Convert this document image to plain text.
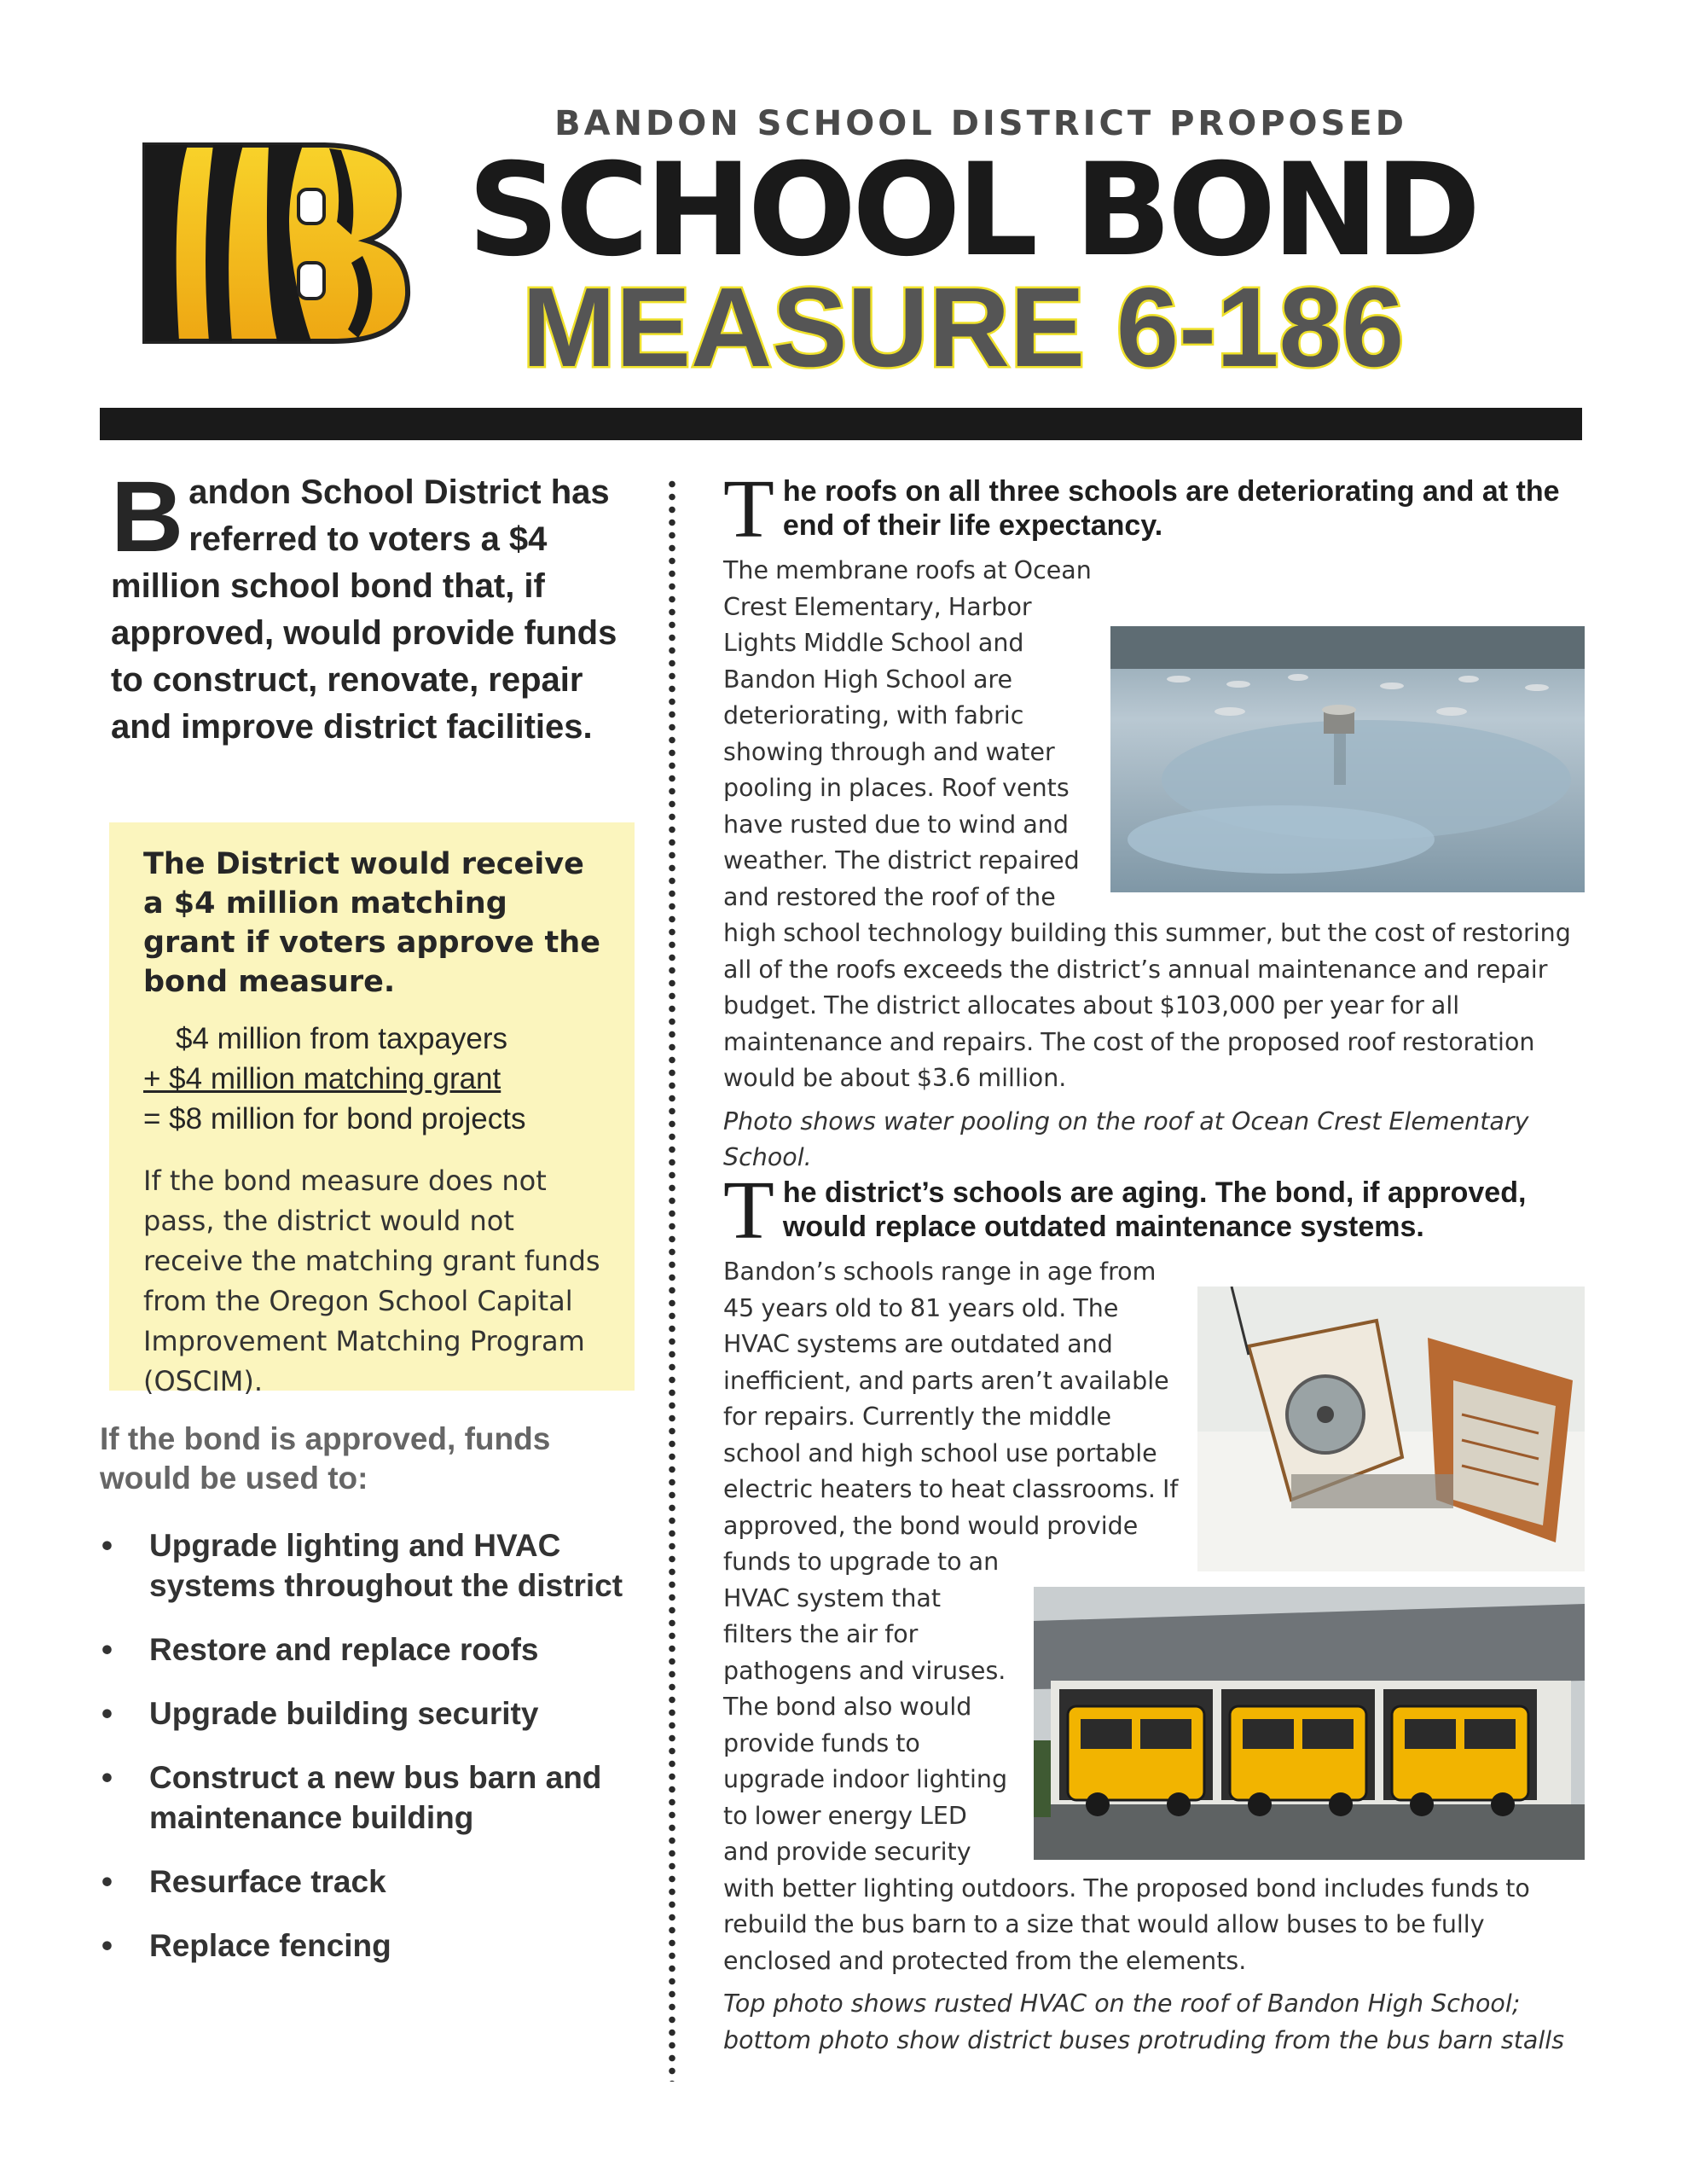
BANDON SCHOOL DISTRICT PROPOSED
SCHOOL BOND
MEASURE 6-186

Bandon School District has referred to voters a $4 million school bond that, if approved, would provide funds to construct, renovate, repair and improve district facilities.

The District would receive a $4 million matching grant if voters approve the bond measure.

$4 million from taxpayers
+ $4 million matching grant
= $8 million for bond projects

If the bond measure does not pass, the district would not receive the matching grant funds from the Oregon School Capital Improvement Matching Program (OSCIM).

If the bond is approved, funds would be used to:

• Upgrade lighting and HVAC systems throughout the district
• Restore and replace roofs
• Upgrade building security
• Construct a new bus barn and maintenance building
• Resurface track
• Replace fencing

The roofs on all three schools are deteriorating and at the end of their life expectancy.

The membrane roofs at Ocean Crest Elementary, Harbor Lights Middle School and Bandon High School are deteriorating, with fabric showing through and water pooling in places. Roof vents have rusted due to wind and weather. The district repaired and restored the roof of the high school technology building this summer, but the cost of restoring all of the roofs exceeds the district’s annual maintenance and repair budget. The district allocates about $103,000 per year for all maintenance and repairs. The cost of the proposed roof restoration would be about $3.6 million.

Photo shows water pooling on the roof at Ocean Crest Elementary School.

The district’s schools are aging. The bond, if approved, would replace outdated maintenance systems.

Bandon’s schools range in age from 45 years old to 81 years old. The HVAC systems are outdated and inefficient, and parts aren’t available for repairs. Currently the middle school and high school use portable electric heaters to heat classrooms. If approved, the bond would provide funds to upgrade to an HVAC system that filters the air for pathogens and viruses. The bond also would provide funds to upgrade indoor lighting to lower energy LED and provide security with better lighting outdoors. The proposed bond includes funds to rebuild the bus barn to a size that would allow buses to be fully enclosed and protected from the elements.

Top photo shows rusted HVAC on the roof of Bandon High School; bottom photo show district buses protruding from the bus barn stalls
